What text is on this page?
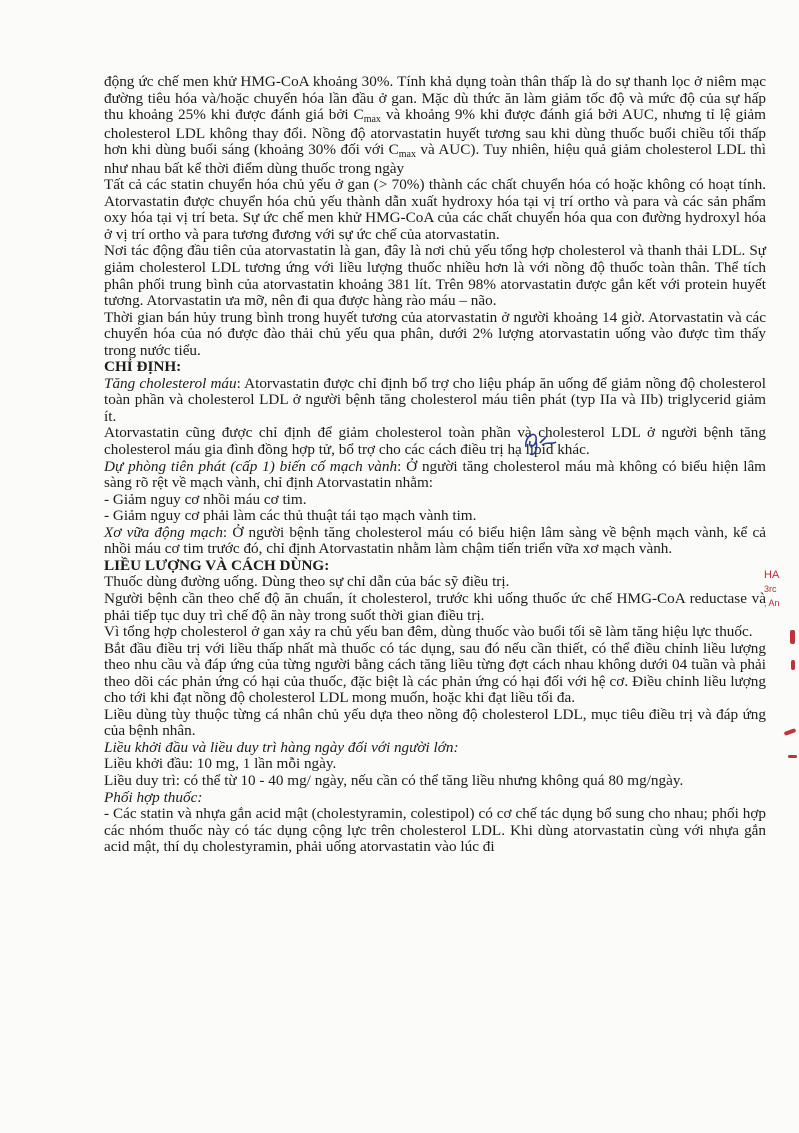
động ức chế men khử HMG-CoA khoảng 30%. Tính khả dụng toàn thân thấp là do sự thanh lọc ở niêm mạc đường tiêu hóa và/hoặc chuyển hóa lần đầu ở gan. Mặc dù thức ăn làm giảm tốc độ và mức độ của sự hấp thu khoảng 25% khi được đánh giá bởi Cmax và khoảng 9% khi được đánh giá bởi AUC, nhưng tỉ lệ giảm cholesterol LDL không thay đổi. Nồng độ atorvastatin huyết tương sau khi dùng thuốc buổi chiều tối thấp hơn khi dùng buổi sáng (khoảng 30% đối với Cmax và AUC). Tuy nhiên, hiệu quả giảm cholesterol LDL thì như nhau bất kể thời điểm dùng thuốc trong ngày

Tất cả các statin chuyển hóa chủ yếu ở gan (> 70%) thành các chất chuyển hóa có hoặc không có hoạt tính. Atorvastatin được chuyển hóa chủ yếu thành dẫn xuất hydroxy hóa tại vị trí ortho và para và các sản phẩm oxy hóa tại vị trí beta. Sự ức chế men khử HMG-CoA của các chất chuyển hóa qua con đường hydroxyl hóa ở vị trí ortho và para tương đương với sự ức chế của atorvastatin.

Nơi tác động đầu tiên của atorvastatin là gan, đây là nơi chủ yếu tổng hợp cholesterol và thanh thải LDL. Sự giảm cholesterol LDL tương ứng với liều lượng thuốc nhiều hơn là với nồng độ thuốc toàn thân. Thể tích phân phối trung bình của atorvastatin khoảng 381 lít. Trên 98% atorvastatin được gắn kết với protein huyết tương. Atorvastatin ưa mỡ, nên đi qua được hàng rào máu – não.

Thời gian bán hủy trung bình trong huyết tương của atorvastatin ở người khoảng 14 giờ. Atorvastatin và các chuyển hóa của nó được đào thải chủ yếu qua phân, dưới 2% lượng atorvastatin uống vào được tìm thấy trong nước tiểu.

CHỈ ĐỊNH:

Tăng cholesterol máu: Atorvastatin được chỉ định bổ trợ cho liệu pháp ăn uống để giảm nồng độ cholesterol toàn phần và cholesterol LDL ở người bệnh tăng cholesterol máu tiên phát (typ IIa và IIb) triglycerid giảm ít.

Atorvastatin cũng được chỉ định để giảm cholesterol toàn phần và cholesterol LDL ở người bệnh tăng cholesterol máu gia đình đồng hợp tử, bổ trợ cho các cách điều trị hạ lipid khác.

Dự phòng tiên phát (cấp 1) biến cố mạch vành: Ở người tăng cholesterol máu mà không có biểu hiện lâm sàng rõ rệt về mạch vành, chỉ định Atorvastatin nhằm:

- Giảm nguy cơ nhồi máu cơ tim.

- Giảm nguy cơ phải làm các thủ thuật tái tạo mạch vành tim.

Xơ vữa động mạch: Ở người bệnh tăng cholesterol máu có biểu hiện lâm sàng về bệnh mạch vành, kể cả nhồi máu cơ tim trước đó, chỉ định Atorvastatin nhằm làm chậm tiến triển vữa xơ mạch vành.

LIỀU LƯỢNG VÀ CÁCH DÙNG:

Thuốc dùng đường uống. Dùng theo sự chỉ dẫn của bác sỹ điều trị.

Người bệnh cần theo chế độ ăn chuẩn, ít cholesterol, trước khi uống thuốc ức chế HMG-CoA reductase và phải tiếp tục duy trì chế độ ăn này trong suốt thời gian điều trị.

Vì tổng hợp cholesterol ở gan xảy ra chủ yếu ban đêm, dùng thuốc vào buổi tối sẽ làm tăng hiệu lực thuốc.

Bắt đầu điều trị với liều thấp nhất mà thuốc có tác dụng, sau đó nếu cần thiết, có thể điều chỉnh liều lượng theo nhu cầu và đáp ứng của từng người bằng cách tăng liều từng đợt cách nhau không dưới 04 tuần và phải theo dõi các phản ứng có hại của thuốc, đặc biệt là các phản ứng có hại đối với hệ cơ. Điều chỉnh liều lượng cho tới khi đạt nồng độ cholesterol LDL mong muốn, hoặc khi đạt liều tối đa.

Liều dùng tùy thuộc từng cá nhân chủ yếu dựa theo nồng độ cholesterol LDL, mục tiêu điều trị và đáp ứng của bệnh nhân.

Liều khởi đầu và liều duy trì hàng ngày đối với người lớn:

Liều khởi đầu: 10 mg, 1 lần mỗi ngày.

Liều duy trì: có thể từ 10 - 40 mg/ ngày, nếu cần có thể tăng liều nhưng không quá 80 mg/ngày.

Phối hợp thuốc:

- Các statin và nhựa gắn acid mật (cholestyramin, colestipol) có cơ chế tác dụng bổ sung cho nhau; phối hợp các nhóm thuốc này có tác dụng cộng lực trên cholesterol LDL. Khi dùng atorvastatin cùng với nhựa gắn acid mật, thí dụ cholestyramin, phải uống atorvastatin vào lúc đi

HA
3rc
, An
